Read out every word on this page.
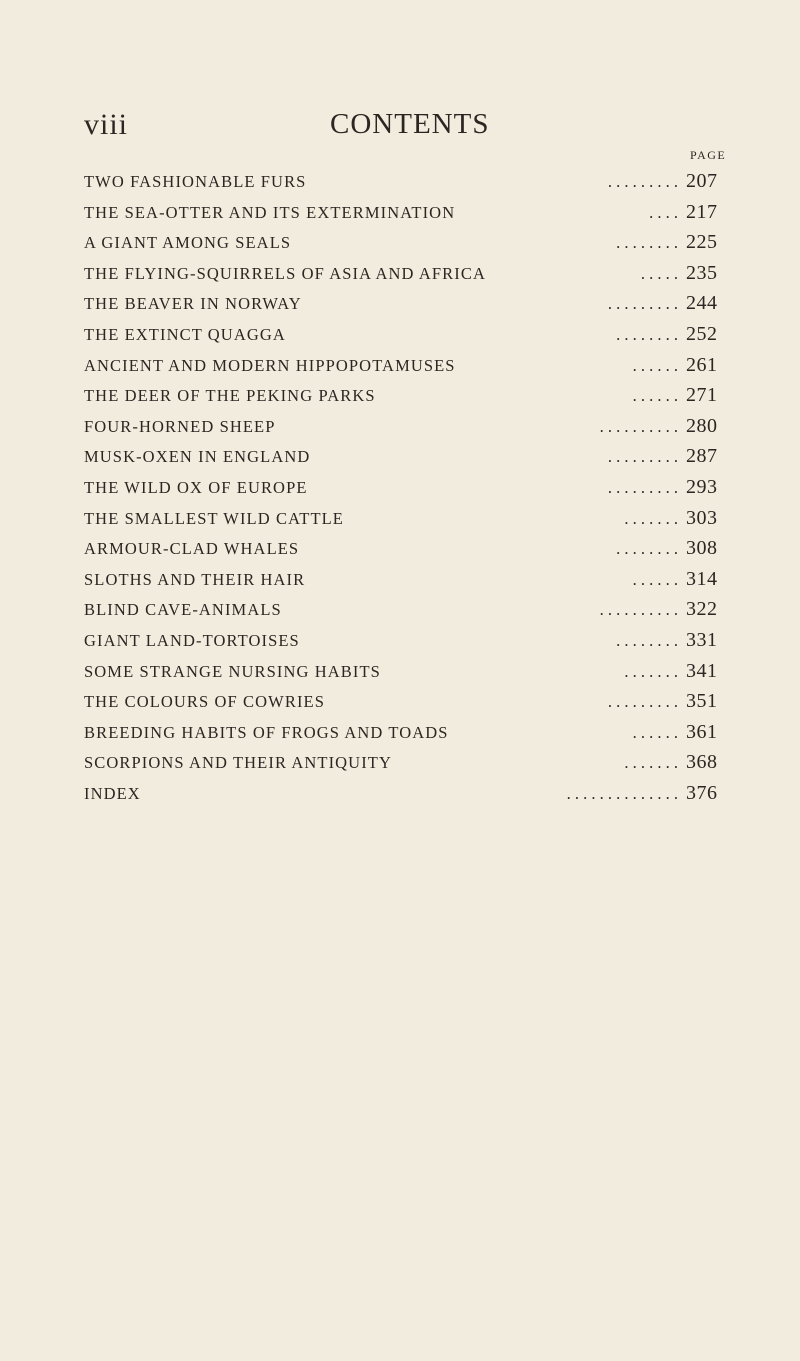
viii	CONTENTS
PAGE
TWO FASHIONABLE FURS	. . . . . . . . . 207
THE SEA-OTTER AND ITS EXTERMINATION	. . . . 217
A GIANT AMONG SEALS	. . . . . . . . 225
THE FLYING-SQUIRRELS OF ASIA AND AFRICA	. . . . . 235
THE BEAVER IN NORWAY	. . . . . . . . . 244
THE EXTINCT QUAGGA	. . . . . . . . 252
ANCIENT AND MODERN HIPPOPOTAMUSES	. . . . . . 261
THE DEER OF THE PEKING PARKS	. . . . . . 271
FOUR-HORNED SHEEP	. . . . . . . . . . 280
MUSK-OXEN IN ENGLAND	. . . . . . . . . 287
THE WILD OX OF EUROPE	. . . . . . . . . 293
THE SMALLEST WILD CATTLE	. . . . . . . 303
ARMOUR-CLAD WHALES	. . . . . . . . 308
SLOTHS AND THEIR HAIR	. . . . . . 314
BLIND CAVE-ANIMALS	. . . . . . . . . . 322
GIANT LAND-TORTOISES	. . . . . . . . 331
SOME STRANGE NURSING HABITS	. . . . . . . 341
THE COLOURS OF COWRIES	. . . . . . . . . 351
BREEDING HABITS OF FROGS AND TOADS	. . . . . . 361
SCORPIONS AND THEIR ANTIQUITY	. . . . . . . 368
INDEX	. . . . . . . . . . . . . . 376
